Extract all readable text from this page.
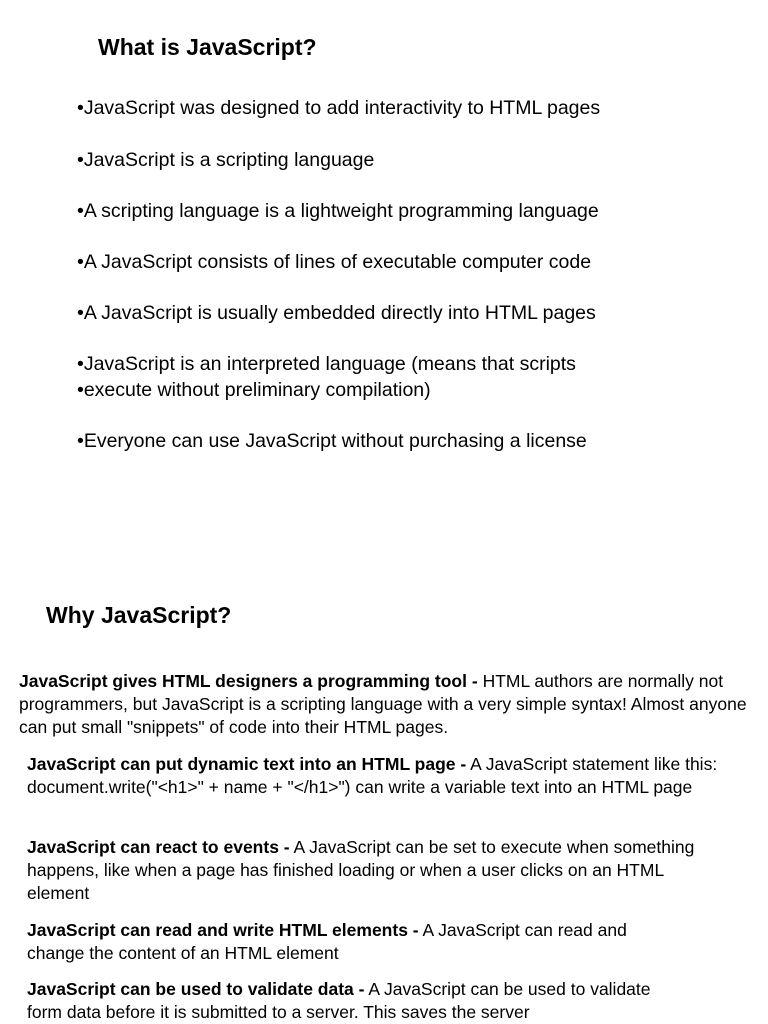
What is JavaScript?
•JavaScript was designed to add interactivity to HTML pages
•JavaScript is a scripting language
•A scripting language is a lightweight programming language
•A JavaScript consists of lines of executable computer code
•A JavaScript is usually embedded directly into HTML pages
•JavaScript is an interpreted language (means that scripts
•execute without preliminary compilation)
•Everyone can use JavaScript without purchasing a license
Why JavaScript?
JavaScript gives HTML designers a programming tool - HTML authors are normally not programmers, but JavaScript is a scripting language with a very simple syntax! Almost anyone can put small "snippets" of code into their HTML pages.
JavaScript can put dynamic text into an HTML page - A JavaScript statement like this: document.write("<h1>" + name + "</h1>") can write a variable text into an HTML page
JavaScript can react to events - A JavaScript can be set to execute when something happens, like when a page has finished loading or when a user clicks on an HTML element
JavaScript can read and write HTML elements - A JavaScript can read and change the content of an HTML element
JavaScript can be used to validate data - A JavaScript can be used to validate form data before it is submitted to a server. This saves the server
